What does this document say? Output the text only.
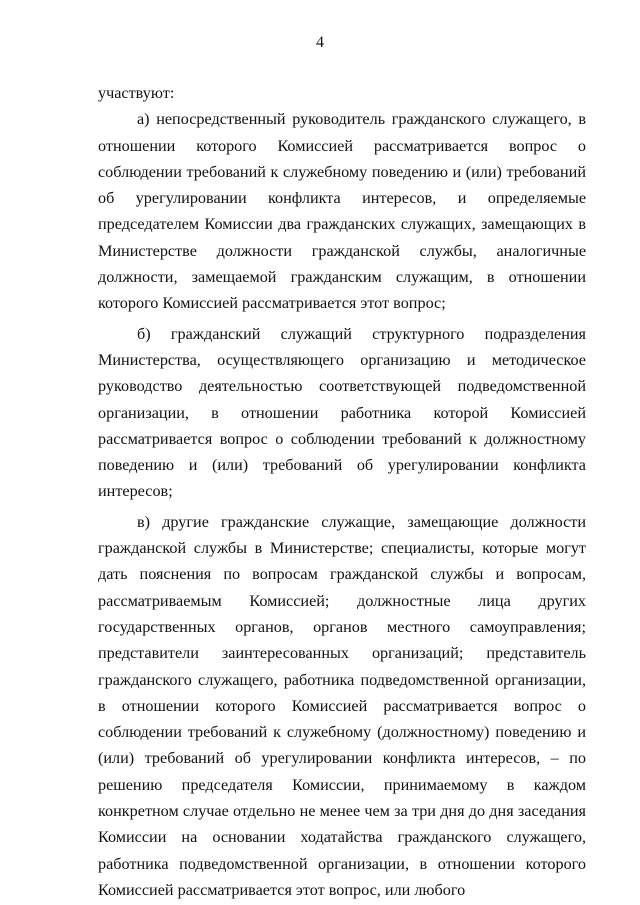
4

участвуют:

а) непосредственный руководитель гражданского служащего, в отношении которого Комиссией рассматривается вопрос о соблюдении требований к служебному поведению и (или) требований об урегулировании конфликта интересов, и определяемые председателем Комиссии два гражданских служащих, замещающих в Министерстве должности гражданской службы, аналогичные должности, замещаемой гражданским служащим, в отношении которого Комиссией рассматривается этот вопрос;

б) гражданский служащий структурного подразделения Министерства, осуществляющего организацию и методическое руководство деятельностью соответствующей подведомственной организации, в отношении работника которой Комиссией рассматривается вопрос о соблюдении требований к должностному поведению и (или) требований об урегулировании конфликта интересов;

в) другие гражданские служащие, замещающие должности гражданской службы в Министерстве; специалисты, которые могут дать пояснения по вопросам гражданской службы и вопросам, рассматриваемым Комиссией; должностные лица других государственных органов, органов местного самоуправления; представители заинтересованных организаций; представитель гражданского служащего, работника подведомственной организации, в отношении которого Комиссией рассматривается вопрос о соблюдении требований к служебному (должностному) поведению и (или) требований об урегулировании конфликта интересов, – по решению председателя Комиссии, принимаемому в каждом конкретном случае отдельно не менее чем за три дня до дня заседания Комиссии на основании ходатайства гражданского служащего, работника подведомственной организации, в отношении которого Комиссией рассматривается этот вопрос, или любого
